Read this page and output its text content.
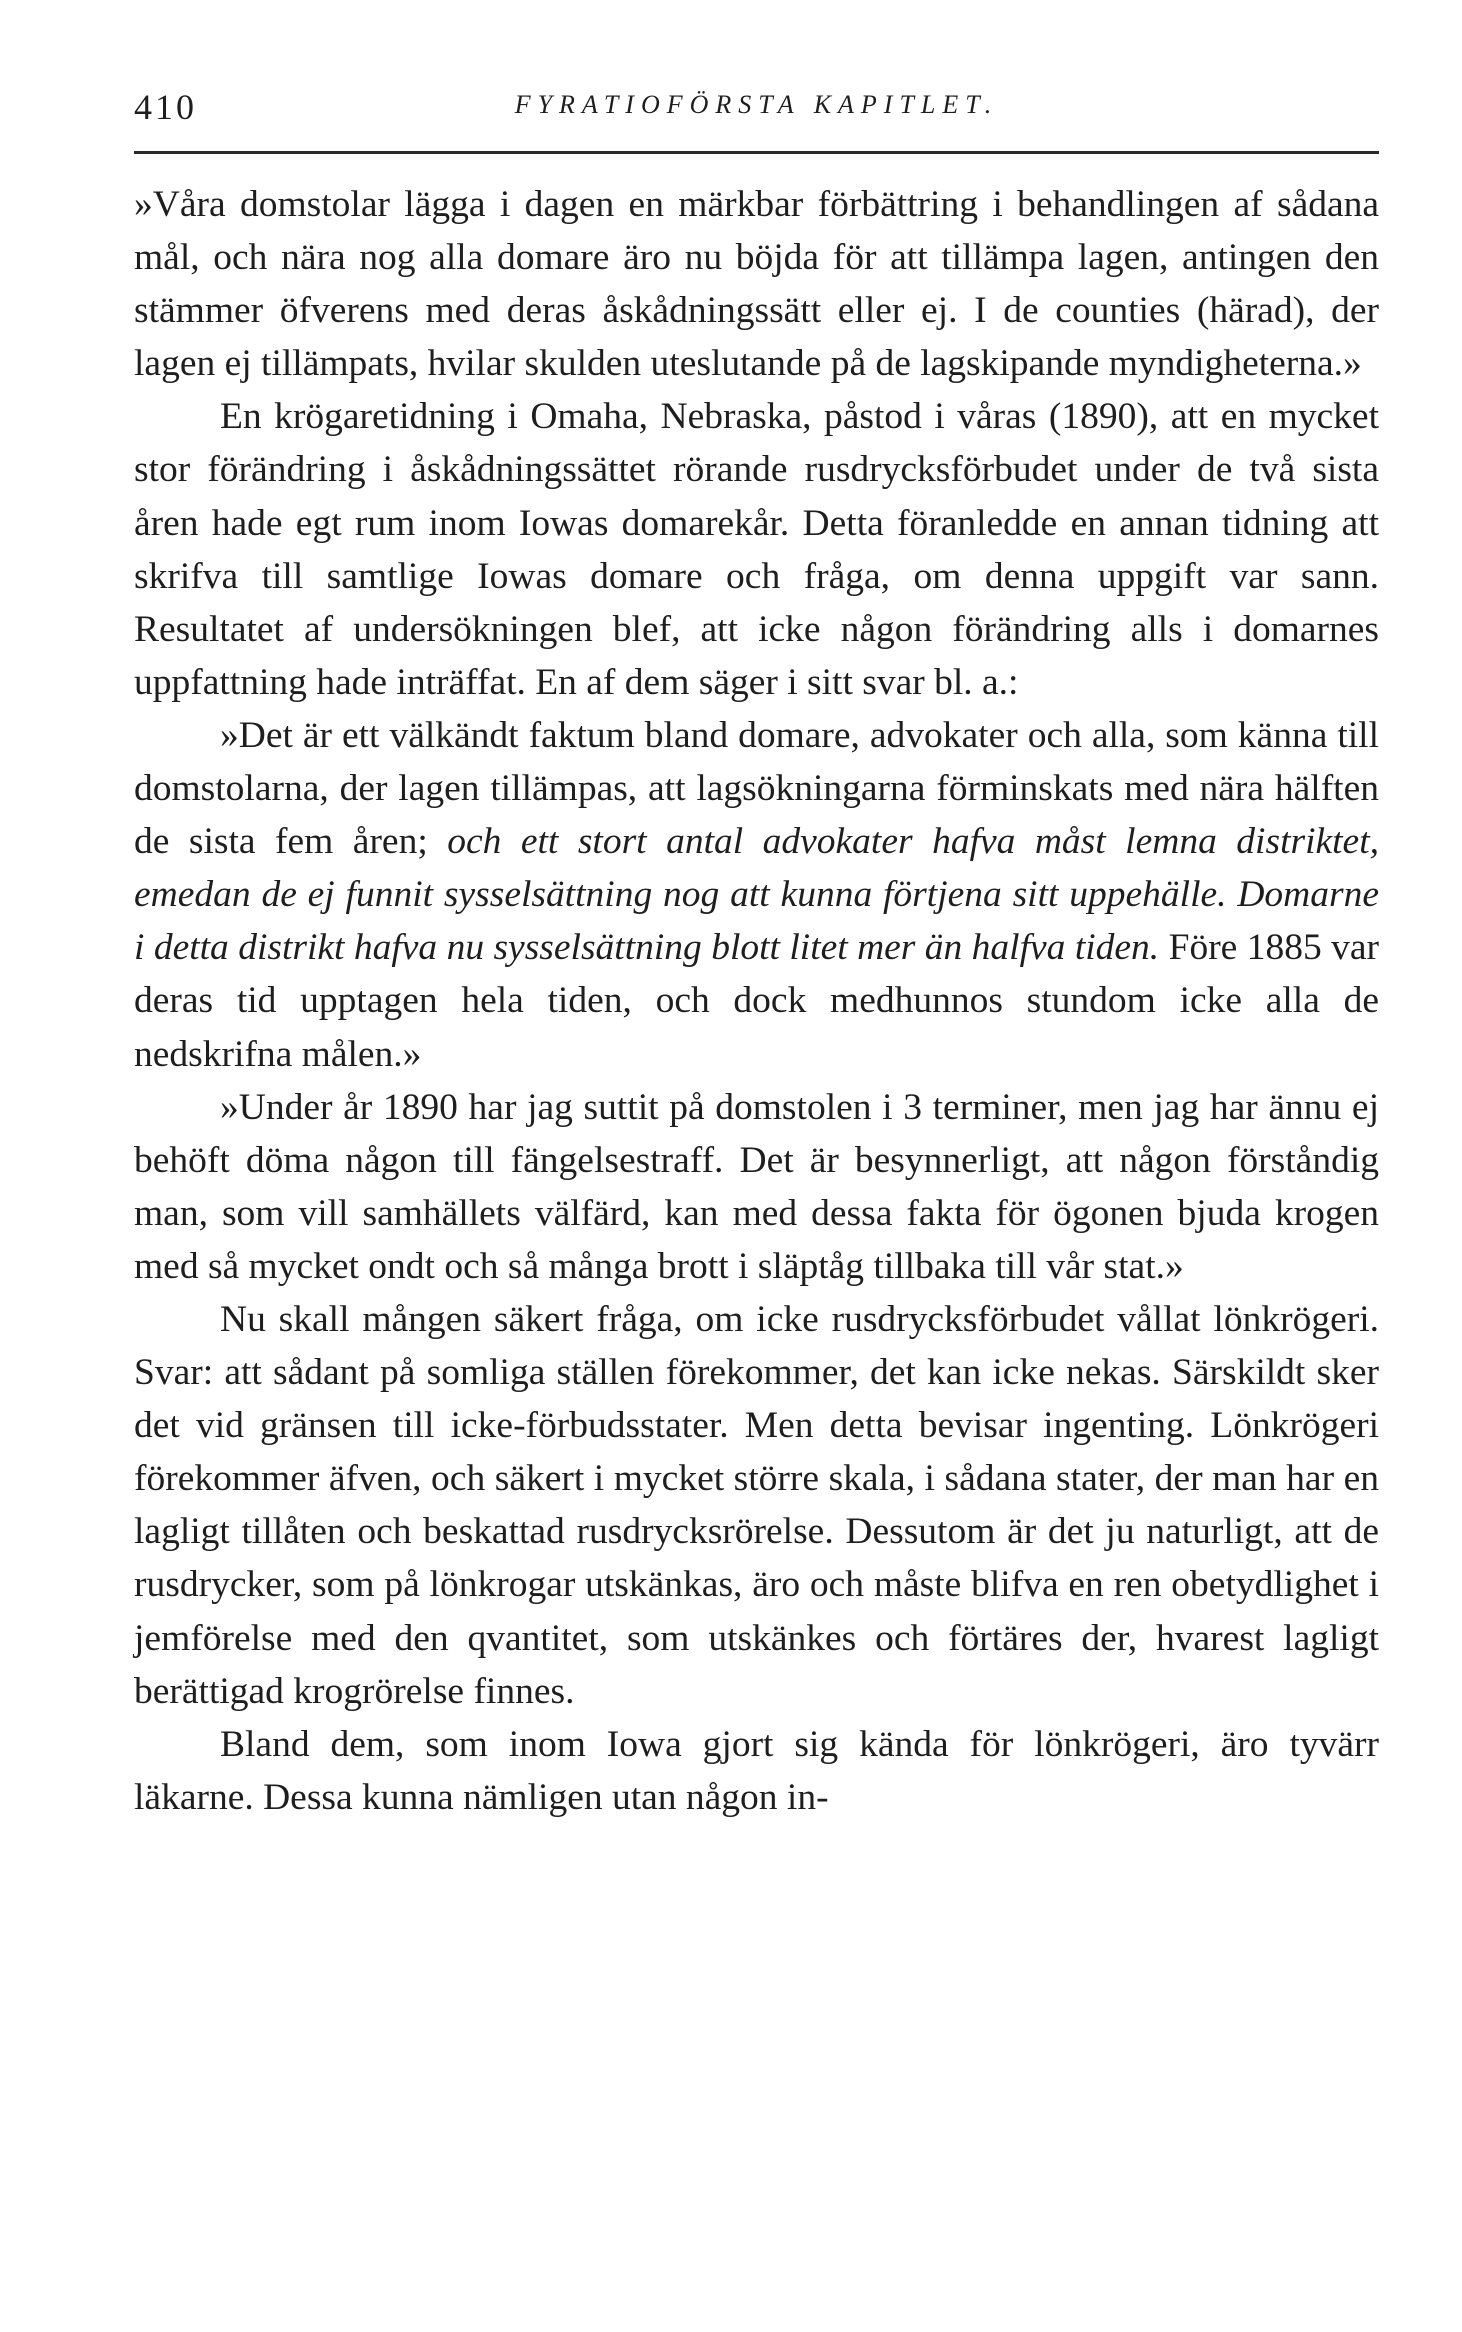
410	FYRATIOFÖRSTA KAPITLET.

»Våra domstolar lägga i dagen en märkbar förbättring i behandlingen af sådana mål, och nära nog alla domare äro nu böjda för att tillämpa lagen, antingen den stämmer öfverens med deras åskådningssätt eller ej. I de counties (härad), der lagen ej tillämpats, hvilar skulden uteslutande på de lagskipande myndigheterna.»

En krögaretidning i Omaha, Nebraska, påstod i våras (1890), att en mycket stor förändring i åskådningssättet rörande rusdrycksförbudet under de två sista åren hade egt rum inom Iowas domarekår. Detta föranledde en annan tidning att skrifva till samtlige Iowas domare och fråga, om denna uppgift var sann. Resultatet af undersökningen blef, att icke någon förändring alls i domarnes uppfattning hade inträffat. En af dem säger i sitt svar bl. a.:

»Det är ett välkändt faktum bland domare, advokater och alla, som känna till domstolarna, der lagen tillämpas, att lagsökningarna förminskats med nära hälften de sista fem åren; och ett stort antal advokater hafva måst lemna distriktet, emedan de ej funnit sysselsättning nog att kunna förtjena sitt uppehälle. Domarne i detta distrikt hafva nu sysselsättning blott litet mer än halfva tiden. Före 1885 var deras tid upptagen hela tiden, och dock medhunnos stundom icke alla de nedskrifna målen.»

»Under år 1890 har jag suttit på domstolen i 3 terminer, men jag har ännu ej behöft döma någon till fängelsestraff. Det är besynnerligt, att någon förståndig man, som vill samhällets välfärd, kan med dessa fakta för ögonen bjuda krogen med så mycket ondt och så många brott i släptåg tillbaka till vår stat.»

Nu skall mången säkert fråga, om icke rusdrycksförbudet vållat lönkrögeri. Svar: att sådant på somliga ställen förekommer, det kan icke nekas. Särskildt sker det vid gränsen till icke-förbudsstater. Men detta bevisar ingenting. Lönkrögeri förekommer äfven, och säkert i mycket större skala, i sådana stater, der man har en lagligt tillåten och beskattad rusdrycksrörelse. Dessutom är det ju naturligt, att de rusdrycker, som på lönkrogar utskänkas, äro och måste blifva en ren obetydlighet i jemförelse med den qvantitet, som utskänkes och förtäres der, hvarest lagligt berättigad krogrörelse finnes.

Bland dem, som inom Iowa gjort sig kända för lönkrögeri, äro tyvärr läkarne. Dessa kunna nämligen utan någon in-
